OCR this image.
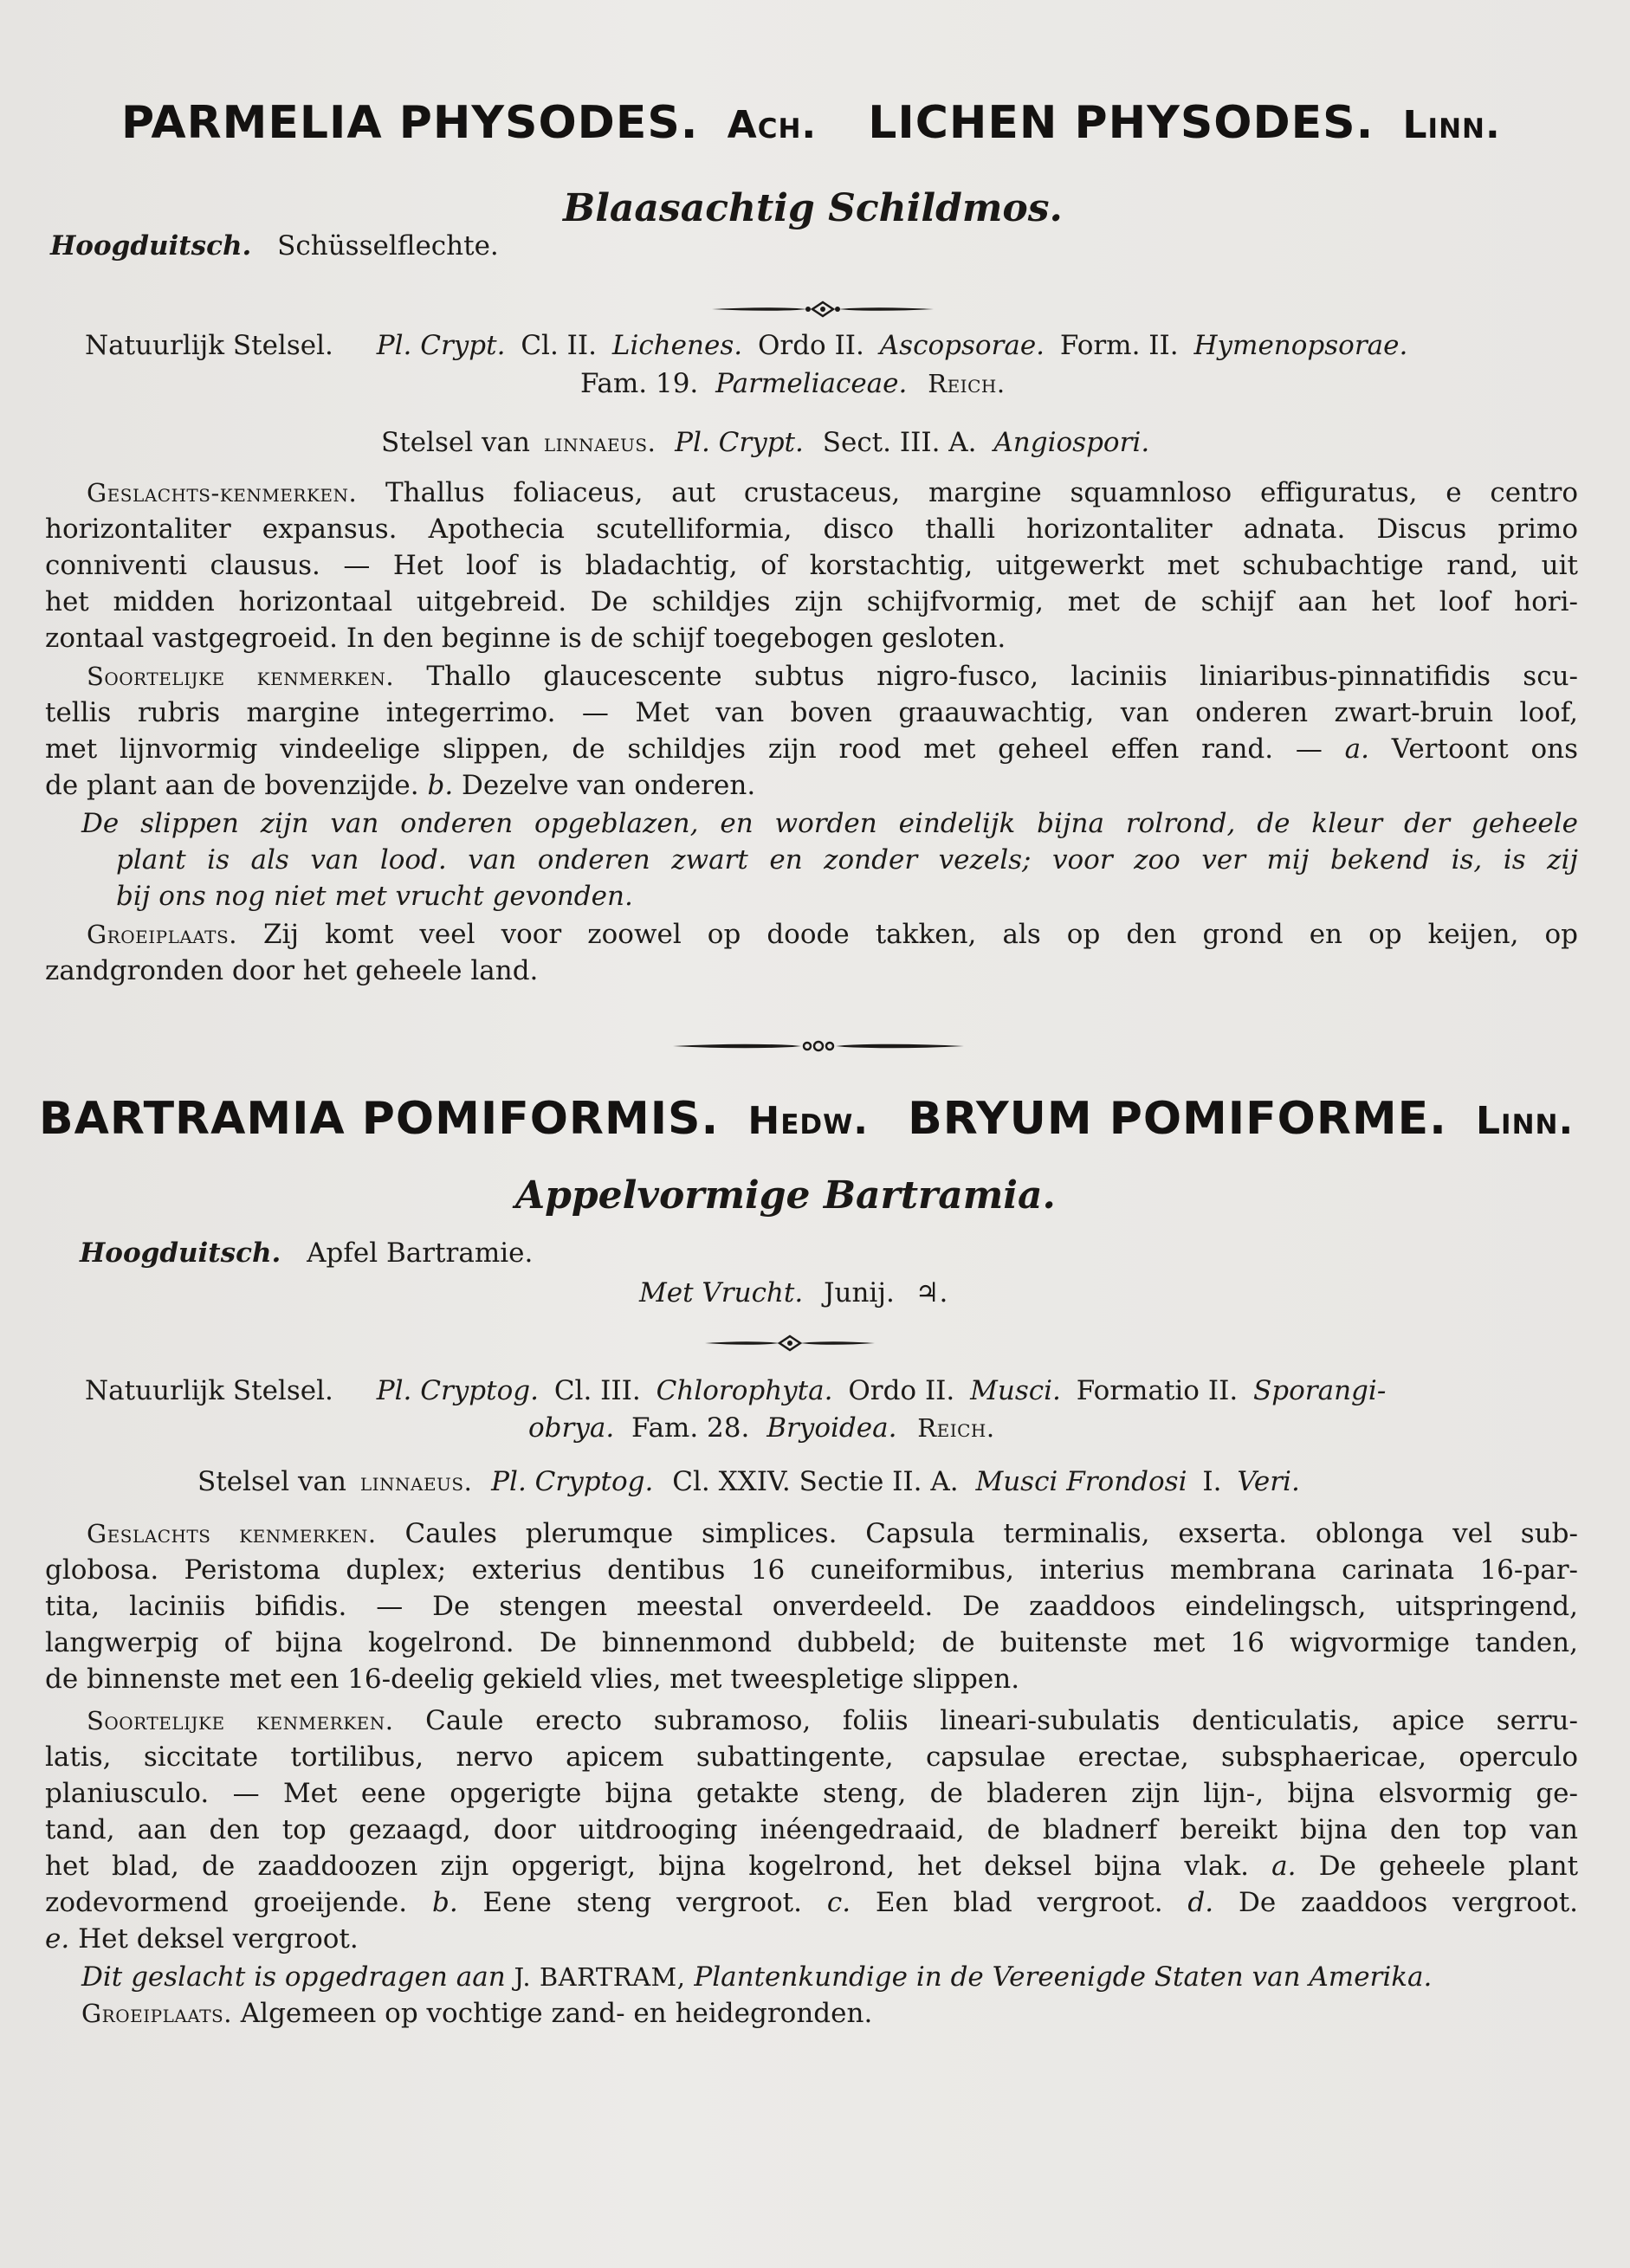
PARMELIA PHYSODES. Ach. LICHEN PHYSODES. Linn.
Blaasachtig Schildmos.
Hoogduitsch. Schüsselflechte.
Natuurlijk Stelsel. Pl. Crypt. Cl. II. Lichenes. Ordo II. Ascopsorae. Form. II. Hymenopsorae.
Fam. 19. Parmeliaceae. Reich.
Stelsel van linnaeus. Pl. Crypt. Sect. III. A. Angiospori.
Geslachts-kenmerken. Thallus foliaceus, aut crustaceus, margine squamnloso effiguratus, e centro
horizontaliter expansus. Apothecia scutelliformia, disco thalli horizontaliter adnata. Discus primo
conniventi clausus. — Het loof is bladachtig, of korstachtig, uitgewerkt met schubachtige rand, uit
het midden horizontaal uitgebreid. De schildjes zijn schijfvormig, met de schijf aan het loof hori-
zontaal vastgegroeid. In den beginne is de schijf toegebogen gesloten.
Soortelijke kenmerken. Thallo glaucescente subtus nigro-fusco, laciniis liniaribus-pinnatifidis scu-
tellis rubris margine integerrimo. — Met van boven graauwachtig, van onderen zwart-bruin loof,
met lijnvormig vindeelige slippen, de schildjes zijn rood met geheel effen rand. — a. Vertoont ons
de plant aan de bovenzijde. b. Dezelve van onderen.
De slippen zijn van onderen opgeblazen, en worden eindelijk bijna rolrond, de kleur der geheele
plant is als van lood. van onderen zwart en zonder vezels; voor zoo ver mij bekend is, is zij
bij ons nog niet met vrucht gevonden.
Groeiplaats. Zij komt veel voor zoowel op doode takken, als op den grond en op keijen, op
zandgronden door het geheele land.
BARTRAMIA POMIFORMIS. Hedw. BRYUM POMIFORME. Linn.
Appelvormige Bartramia.
Hoogduitsch. Apfel Bartramie.
Met Vrucht. Junij. ♃.
Natuurlijk Stelsel. Pl. Cryptog. Cl. III. Chlorophyta. Ordo II. Musci. Formatio II. Sporangi-
obrya. Fam. 28. Bryoidea. Reich.
Stelsel van linnaeus. Pl. Cryptog. Cl. XXIV. Sectie II. A. Musci Frondosi I. Veri.
Geslachts kenmerken. Caules plerumque simplices. Capsula terminalis, exserta. oblonga vel sub-
globosa. Peristoma duplex; exterius dentibus 16 cuneiformibus, interius membrana carinata 16-par-
tita, laciniis bifidis. — De stengen meestal onverdeeld. De zaaddoos eindelingsch, uitspringend,
langwerpig of bijna kogelrond. De binnenmond dubbeld; de buitenste met 16 wigvormige tanden,
de binnenste met een 16-deelig gekield vlies, met tweespletige slippen.
Soortelijke kenmerken. Caule erecto subramoso, foliis lineari-subulatis denticulatis, apice serru-
latis, siccitate tortilibus, nervo apicem subattingente, capsulae erectae, subsphaericae, operculo
planiusculo. — Met eene opgerigte bijna getakte steng, de bladeren zijn lijn-, bijna elsvormig ge-
tand, aan den top gezaagd, door uitdrooging inéengedraaid, de bladnerf bereikt bijna den top van
het blad, de zaaddoozen zijn opgerigt, bijna kogelrond, het deksel bijna vlak. a. De geheele plant
zodevormend groeijende. b. Eene steng vergroot. c. Een blad vergroot. d. De zaaddoos vergroot.
e. Het deksel vergroot.
Dit geslacht is opgedragen aan J. BARTRAM, Plantenkundige in de Vereenigde Staten van Amerika.
Groeiplaats. Algemeen op vochtige zand- en heidegronden.
